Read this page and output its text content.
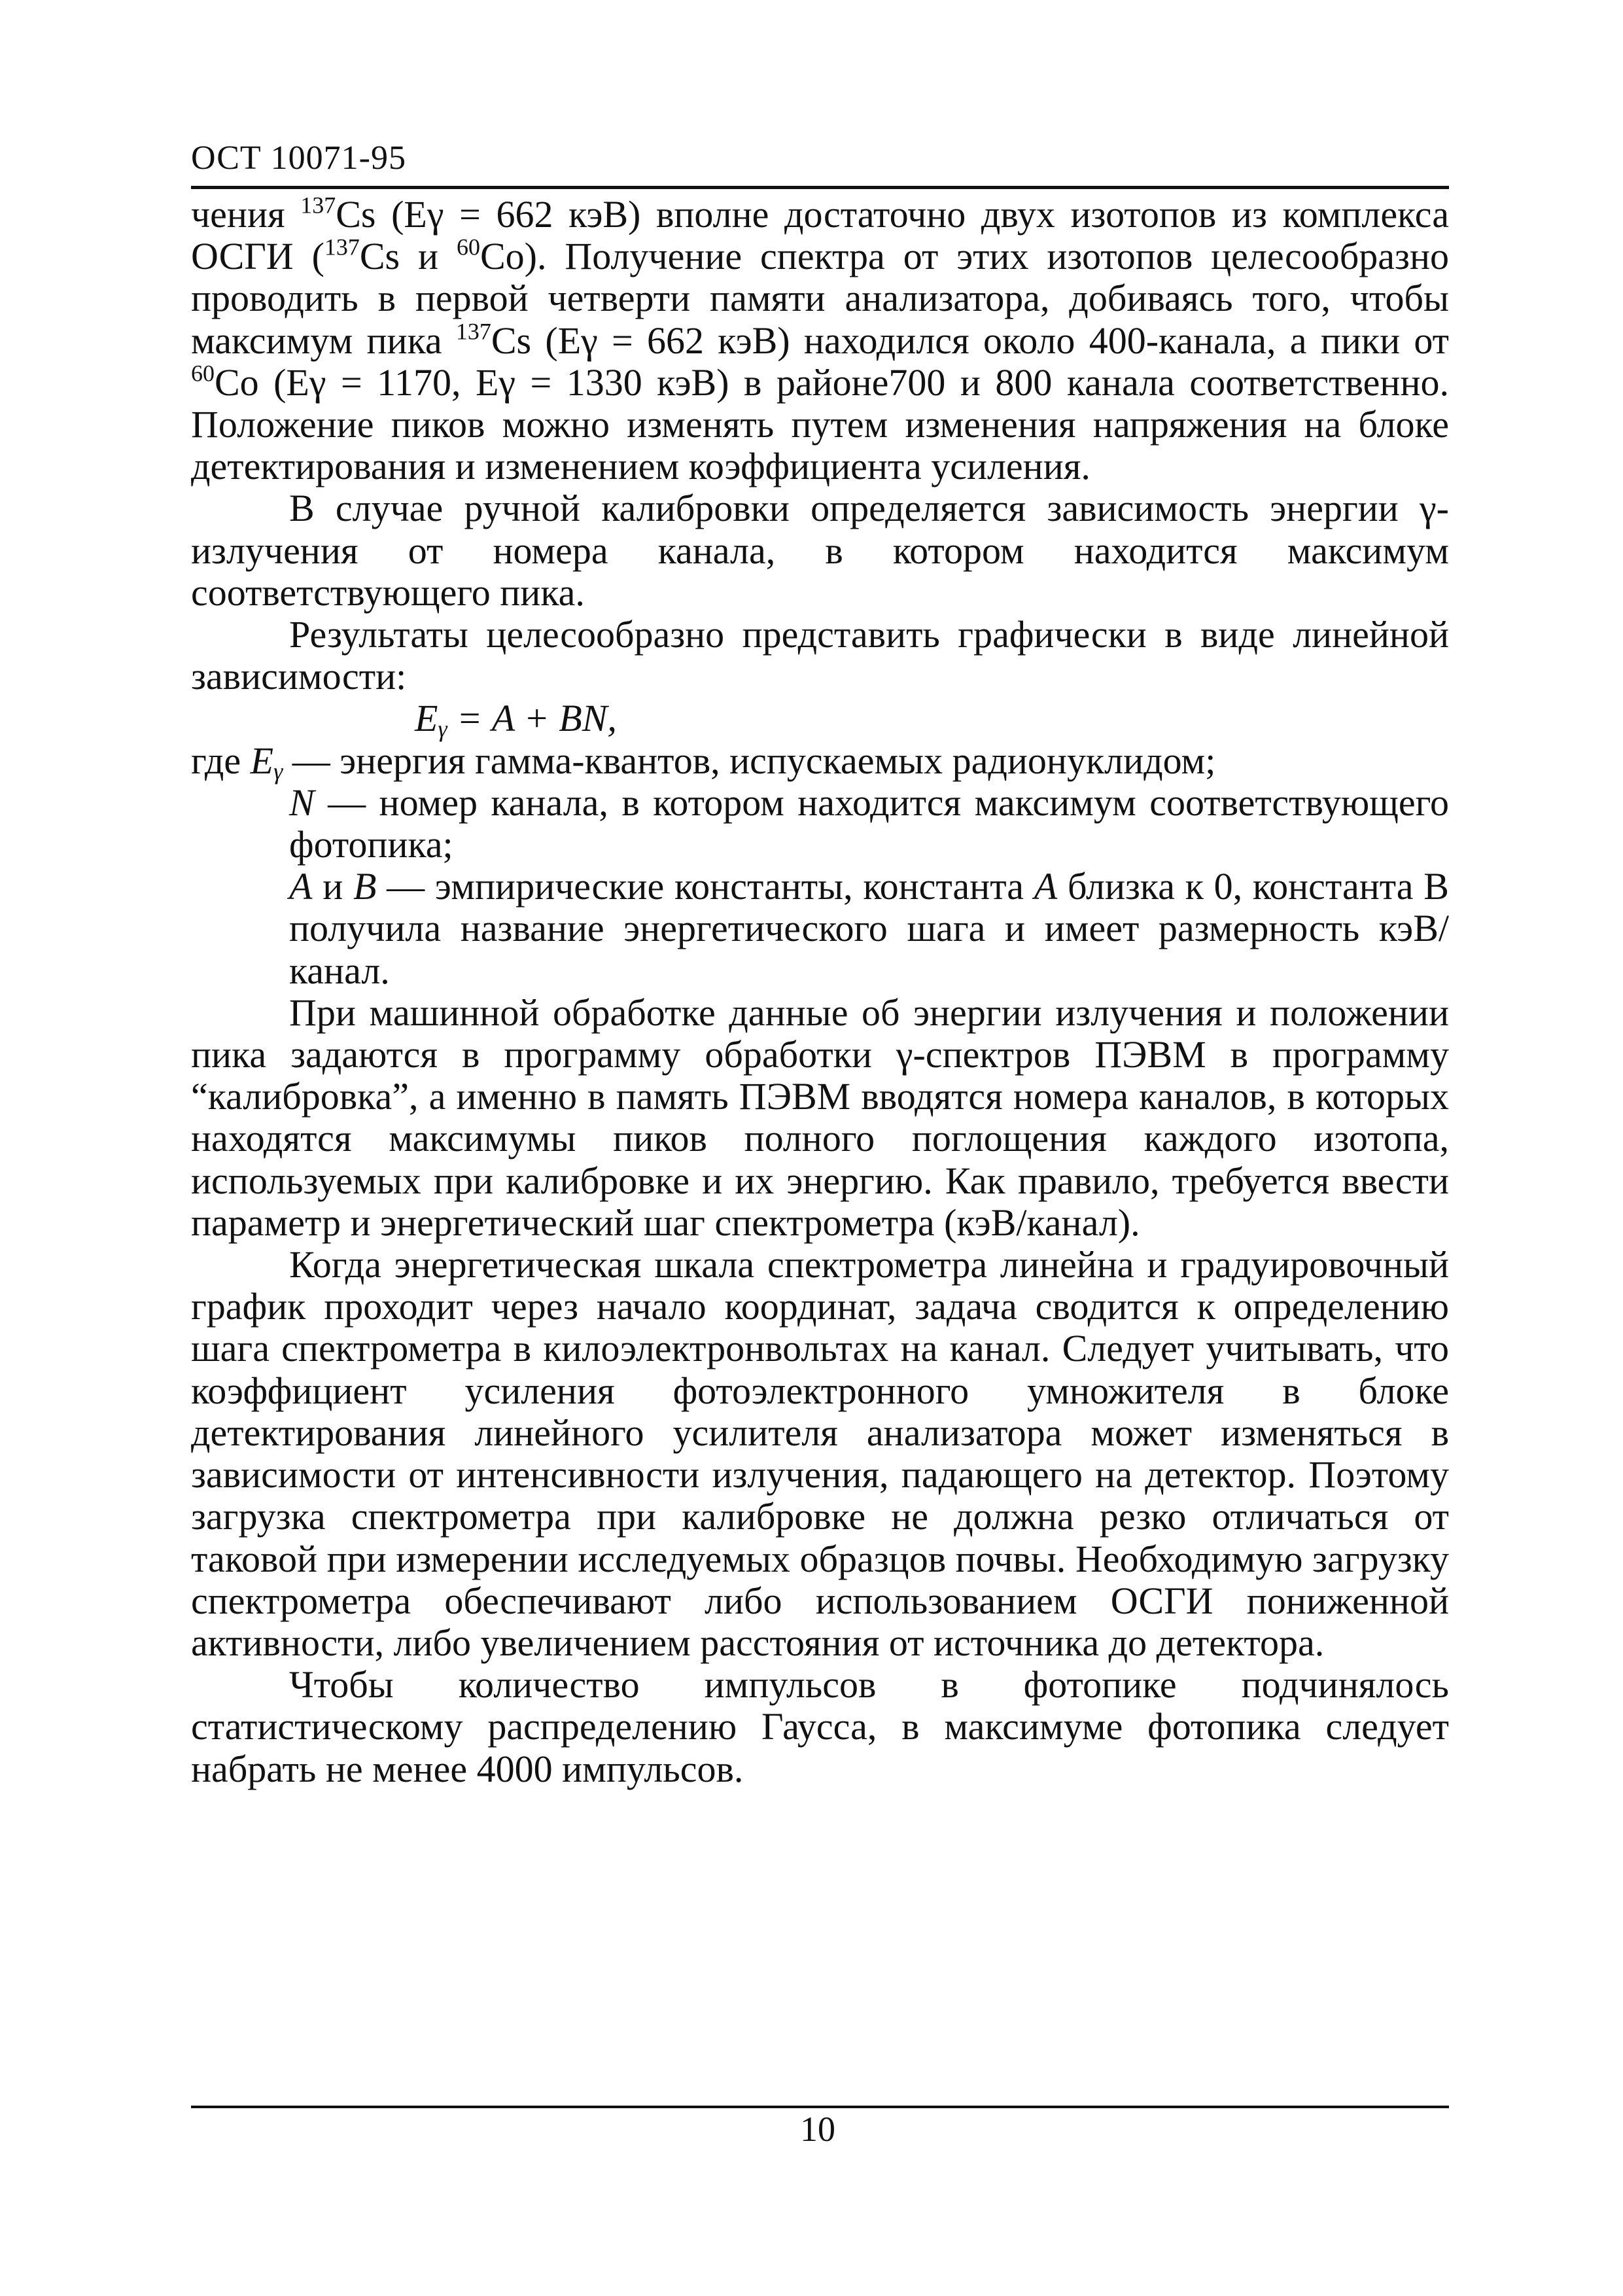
ОСТ 10071-95

чения $^{137}$Cs (Eγ = 662 кэВ) вполне достаточно двух изотопов из комплекса ОСГИ ($^{137}$Cs и $^{60}$Co). Получение спектра от этих изотопов целесообразно проводить в первой четверти памяти анализатора, добиваясь того, чтобы максимум пика $^{137}$Cs (Eγ = 662 кэВ) находился около 400-канала, а пики от $^{60}$Co (Eγ = 1170, Eγ = 1330 кэВ) в районе700 и 800 канала соответственно. Положение пиков можно изменять путем изменения напряжения на блоке детектирования и изменением коэффициента усиления.

В случае ручной калибровки определяется зависимость энергии γ-излучения от номера канала, в котором находится максимум соответствующего пика.

Результаты целесообразно представить графически в виде линейной зависимости:

$E_\gamma = A$ + BN,

где $E_\gamma$ — энергия гамма-квантов, испускаемых радионуклидом;

N — номер канала, в котором находится максимум соответствующего фотопика;

A и B — эмпирические константы, константа A близка к 0, константа В получила название энергетического шага и имеет размерность кэВ/канал.

При машинной обработке данные об энергии излучения и положении пика задаются в программу обработки γ-спектров ПЭВМ в программу “калибровка”, а именно в память ПЭВМ вводятся номера каналов, в которых находятся максимумы пиков полного поглощения каждого изотопа, используемых при калибровке и их энергию. Как правило, требуется ввести параметр и энергетический шаг спектрометра (кэВ/канал).

Когда энергетическая шкала спектрометра линейна и градуировочный график проходит через начало координат, задача сводится к определению шага спектрометра в килоэлектронвольтах на канал. Следует учитывать, что коэффициент усиления фотоэлектронного умножителя в блоке детектирования линейного усилителя анализатора может изменяться в зависимости от интенсивности излучения, падающего на детектор. Поэтому загрузка спектрометра при калибровке не должна резко отличаться от таковой при измерении исследуемых образцов почвы. Необходимую загрузку спектрометра обеспечивают либо использованием ОСГИ пониженной активности, либо увеличением расстояния от источника до детектора.

Чтобы количество импульсов в фотопике подчинялось статистическому распределению Гаусса, в максимуме фотопика следует набрать не менее 4000 импульсов.

10
